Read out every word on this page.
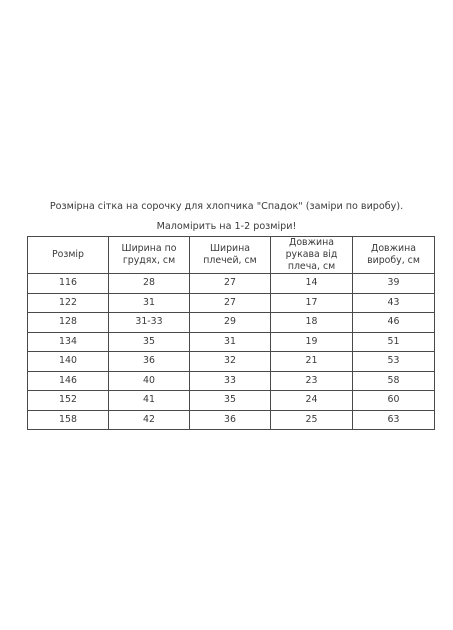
Розмірна сітка на сорочку для хлопчика "Спадок" (заміри по виробу).
Маломірить на 1-2 розміри!
Розмір	Ширина по грудях, см	Ширина плечей, см	Довжина рукава від плеча, см	Довжина виробу, см
116	28	27	14	39
122	31	27	17	43
128	31-33	29	18	46
134	35	31	19	51
140	36	32	21	53
146	40	33	23	58
152	41	35	24	60
158	42	36	25	63
